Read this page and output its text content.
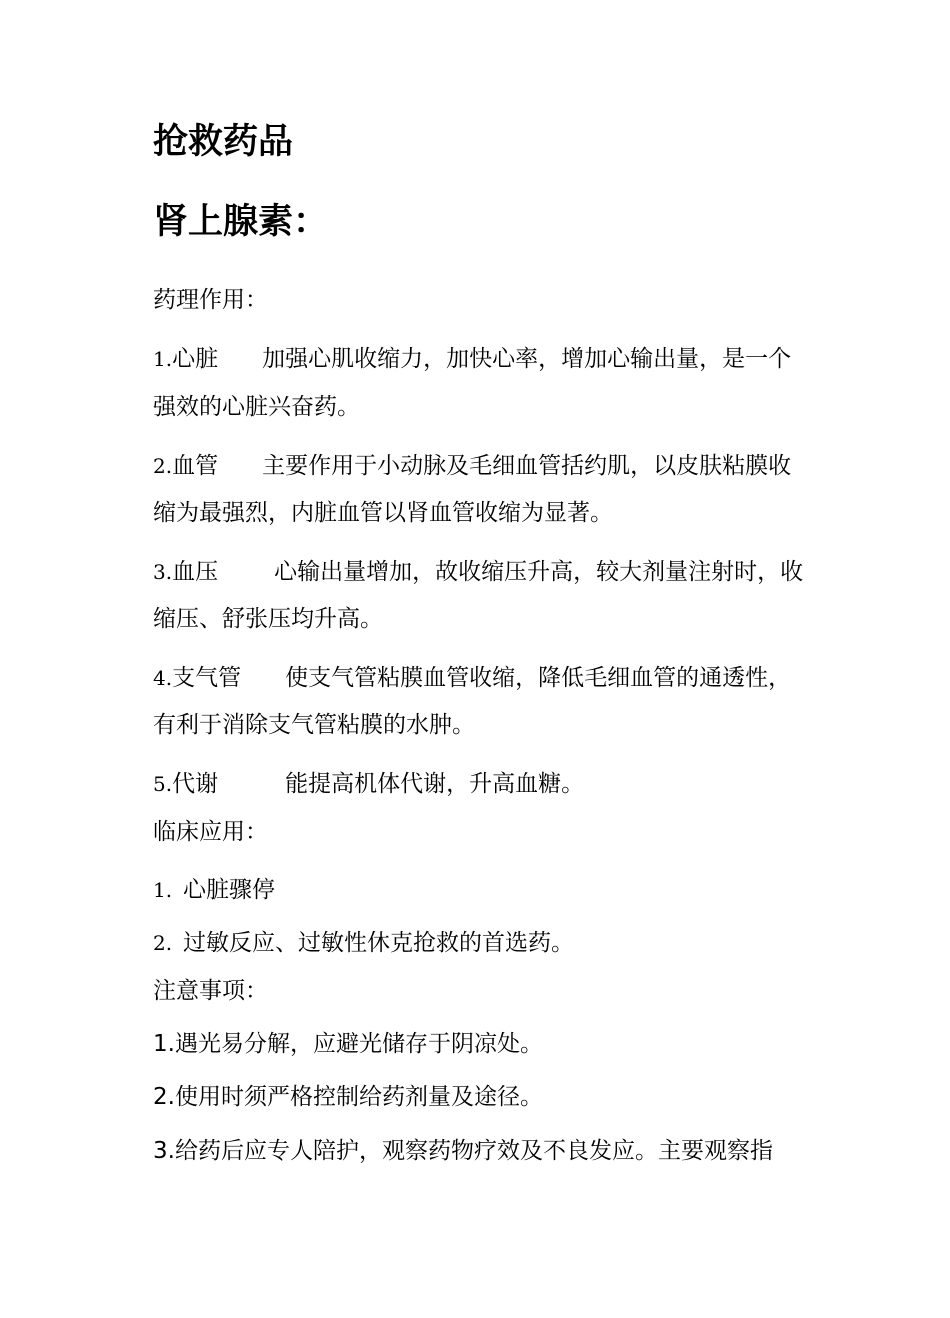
抢救药品
肾上腺素：
药理作用：
1.心脏 加强心肌收缩力，加快心率，增加心输出量，是一个
强效的心脏兴奋药。
2.血管 主要作用于小动脉及毛细血管括约肌，以皮肤粘膜收
缩为最强烈，内脏血管以肾血管收缩为显著。
3.血压 心输出量增加，故收缩压升高，较大剂量注射时，收
缩压、舒张压均升高。
4.支气管 使支气管粘膜血管收缩，降低毛细血管的通透性，
有利于消除支气管粘膜的水肿。
5.代谢	能提高机体代谢，升高血糖。
临床应用：
1. 心脏骤停
2. 过敏反应、过敏性休克抢救的首选药。
注意事项：
1.遇光易分解，应避光储存于阴凉处。
2.使用时须严格控制给药剂量及途径。
3.给药后应专人陪护，观察药物疗效及不良发应。主要观察指
